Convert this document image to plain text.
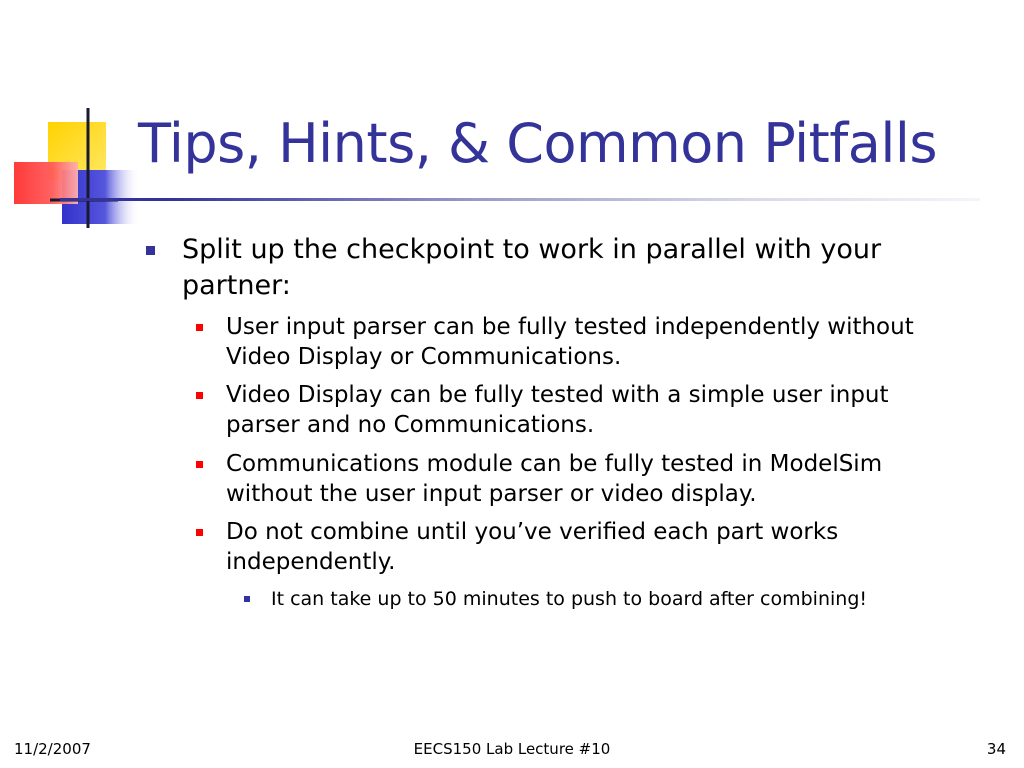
Tips, Hints, & Common Pitfalls
Split up the checkpoint to work in parallel with your
partner:
User input parser can be fully tested independently without
Video Display or Communications.
Video Display can be fully tested with a simple user input
parser and no Communications.
Communications module can be fully tested in ModelSim
without the user input parser or video display.
Do not combine until you’ve verified each part works
independently.
It can take up to 50 minutes to push to board after combining!
11/2/2007	EECS150 Lab Lecture #10	34
